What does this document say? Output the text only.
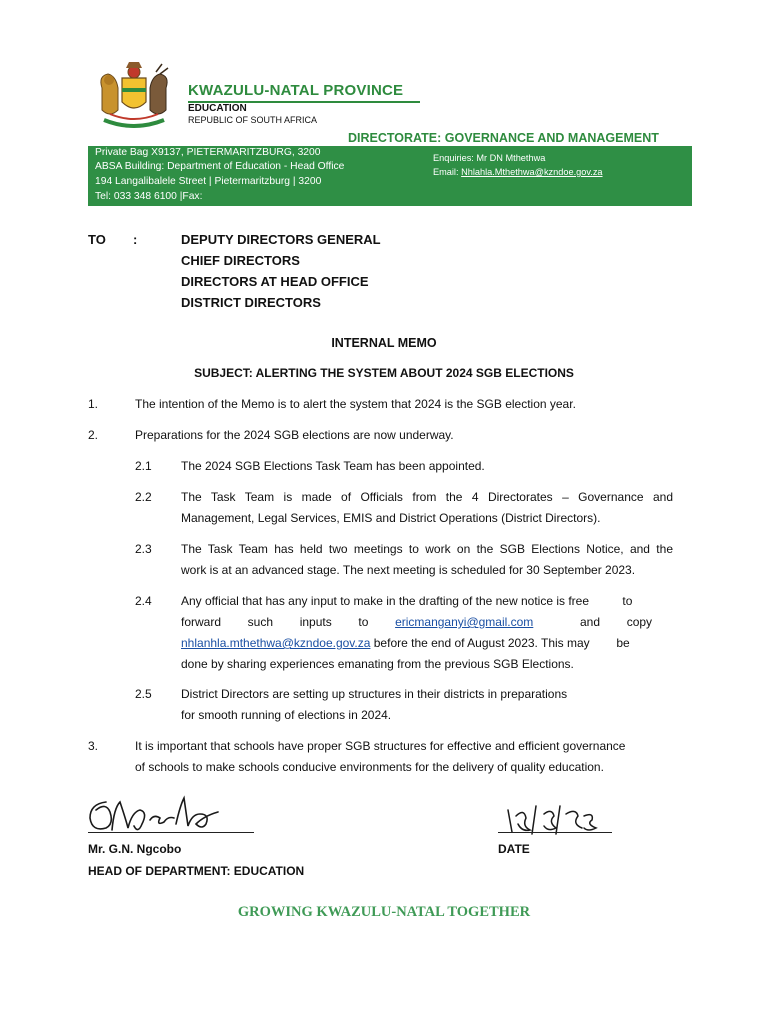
KWAZULU-NATAL PROVINCE
EDUCATION
REPUBLIC OF SOUTH AFRICA
DIRECTORATE: GOVERNANCE AND MANAGEMENT
Private Bag X9137, PIETERMARITZBURG, 3200
ABSA Building: Department of Education - Head Office
194 Langalibalele Street | Pietermaritzburg | 3200
Tel: 033 348 6100 |Fax:
Enquiries: Mr DN Mthethwa
Email: Nhlahla.Mthethwa@kzndoe.gov.za
TO :	DEPUTY DIRECTORS GENERAL
CHIEF DIRECTORS
DIRECTORS AT HEAD OFFICE
DISTRICT DIRECTORS
INTERNAL MEMO
SUBJECT: ALERTING THE SYSTEM ABOUT 2024 SGB ELECTIONS
1.	The intention of the Memo is to alert the system that 2024 is the SGB election year.
2.	Preparations for the 2024 SGB elections are now underway.
2.1 The 2024 SGB Elections Task Team has been appointed.
2.2 The Task Team is made of Officials from the 4 Directorates – Governance and
Management, Legal Services, EMIS and District Operations (District Directors).
2.3 The Task Team has held two meetings to work on the SGB Elections Notice, and the
work is at an advanced stage. The next meeting is scheduled for 30 September 2023.
2.4 Any official that has any input to make in the drafting of the new notice is free          to
forward        such        inputs        to ericmanganyi@gmail.com	and        copy
nhlanhla.mthethwa@kzndoe.gov.za before the end of August 2023. This may        be
done by sharing experiences emanating from the previous SGB Elections.
2.5 District Directors are setting up structures in their districts in preparations
for smooth running of elections in 2024.
3.	It is important that schools have proper SGB structures for effective and efficient governance
of schools to make schools conducive environments for the delivery of quality education.
Mr. G.N. Ngcobo	DATE
HEAD OF DEPARTMENT: EDUCATION
GROWING KWAZULU-NATAL TOGETHER
